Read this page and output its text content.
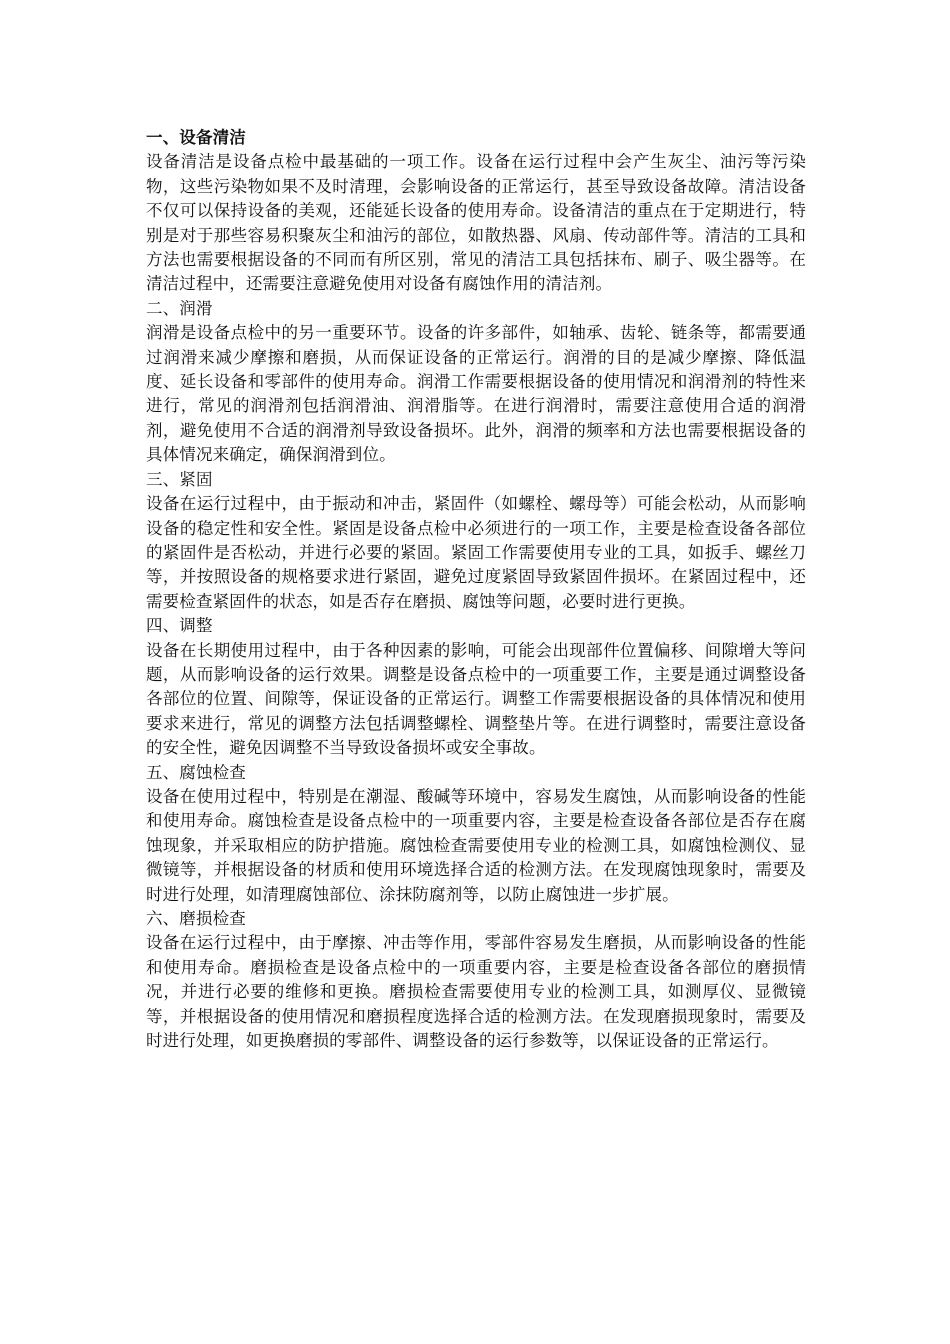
一、设备清洁

设备清洁是设备点检中最基础的一项工作。设备在运行过程中会产生灰尘、油污等污染物，这些污染物如果不及时清理，会影响设备的正常运行，甚至导致设备故障。清洁设备不仅可以保持设备的美观，还能延长设备的使用寿命。设备清洁的重点在于定期进行，特别是对于那些容易积聚灰尘和油污的部位，如散热器、风扇、传动部件等。清洁的工具和方法也需要根据设备的不同而有所区别，常见的清洁工具包括抹布、刷子、吸尘器等。在清洁过程中，还需要注意避免使用对设备有腐蚀作用的清洁剂。

二、润滑

润滑是设备点检中的另一重要环节。设备的许多部件，如轴承、齿轮、链条等，都需要通过润滑来减少摩擦和磨损，从而保证设备的正常运行。润滑的目的是减少摩擦、降低温度、延长设备和零部件的使用寿命。润滑工作需要根据设备的使用情况和润滑剂的特性来进行，常见的润滑剂包括润滑油、润滑脂等。在进行润滑时，需要注意使用合适的润滑剂，避免使用不合适的润滑剂导致设备损坏。此外，润滑的频率和方法也需要根据设备的具体情况来确定，确保润滑到位。

三、紧固

设备在运行过程中，由于振动和冲击，紧固件（如螺栓、螺母等）可能会松动，从而影响设备的稳定性和安全性。紧固是设备点检中必须进行的一项工作，主要是检查设备各部位的紧固件是否松动，并进行必要的紧固。紧固工作需要使用专业的工具，如扳手、螺丝刀等，并按照设备的规格要求进行紧固，避免过度紧固导致紧固件损坏。在紧固过程中，还需要检查紧固件的状态，如是否存在磨损、腐蚀等问题，必要时进行更换。

四、调整

设备在长期使用过程中，由于各种因素的影响，可能会出现部件位置偏移、间隙增大等问题，从而影响设备的运行效果。调整是设备点检中的一项重要工作，主要是通过调整设备各部位的位置、间隙等，保证设备的正常运行。调整工作需要根据设备的具体情况和使用要求来进行，常见的调整方法包括调整螺栓、调整垫片等。在进行调整时，需要注意设备的安全性，避免因调整不当导致设备损坏或安全事故。

五、腐蚀检查

设备在使用过程中，特别是在潮湿、酸碱等环境中，容易发生腐蚀，从而影响设备的性能和使用寿命。腐蚀检查是设备点检中的一项重要内容，主要是检查设备各部位是否存在腐蚀现象，并采取相应的防护措施。腐蚀检查需要使用专业的检测工具，如腐蚀检测仪、显微镜等，并根据设备的材质和使用环境选择合适的检测方法。在发现腐蚀现象时，需要及时进行处理，如清理腐蚀部位、涂抹防腐剂等，以防止腐蚀进一步扩展。

六、磨损检查

设备在运行过程中，由于摩擦、冲击等作用，零部件容易发生磨损，从而影响设备的性能和使用寿命。磨损检查是设备点检中的一项重要内容，主要是检查设备各部位的磨损情况，并进行必要的维修和更换。磨损检查需要使用专业的检测工具，如测厚仪、显微镜等，并根据设备的使用情况和磨损程度选择合适的检测方法。在发现磨损现象时，需要及时进行处理，如更换磨损的零部件、调整设备的运行参数等，以保证设备的正常运行。
